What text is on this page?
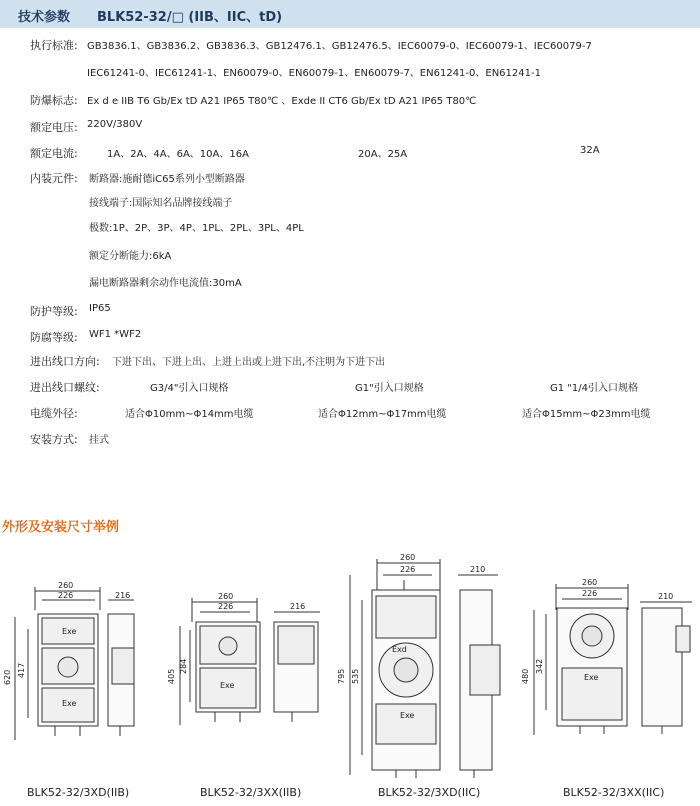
技术参数 BLK52-32/□ (IIB、IIC、tD)
执行标准: GB3836.1、GB3836.2、GB3836.3、GB12476.1、GB12476.5、IEC60079-0、IEC60079-1、IEC60079-7
IEC61241-0、IEC61241-1、EN60079-0、EN60079-1、EN60079-7、EN61241-0、EN61241-1
防爆标志: Ex d e IIB T6 Gb/Ex tD A21 IP65 T80℃ 、Exde II CT6 Gb/Ex tD A21 IP65 T80℃
额定电压: 220V/380V
额定电流:	1A、2A、4A、6A、10A、16A	20A、25A	32A
内装元件: 断路器:施耐德iC65系列小型断路器
接线端子:国际知名品牌接线端子
极数:1P、2P、3P、4P、1PL、2PL、3PL、4PL
额定分断能力:6kA
漏电断路器剩余动作电流值:30mA
防护等级: IP65
防腐等级: WF1 *WF2
进出线口方向: 下进下出、下进上出、上进上出或上进下出,不注明为下进下出
进出线口螺纹:	G3/4"引入口规格	G1"引入口规格	G1 "1/4引入口规格
电缆外径:	适合Φ10mm~Φ14mm电缆	适合Φ12mm~Φ17mm电缆	适合Φ15mm~Φ23mm电缆
安装方式: 挂式
外形及安装尺寸举例
260
226	216
620 417
Exe
Exe
260
226	216
405
284
Exe
260
226	210
795 535
Exd
Exe
260
226	210
480
342
Exe
BLK52-32/3XD(IIB)	BLK52-32/3XX(IIB)	BLK52-32/3XD(IIC)	BLK52-32/3XX(IIC)
